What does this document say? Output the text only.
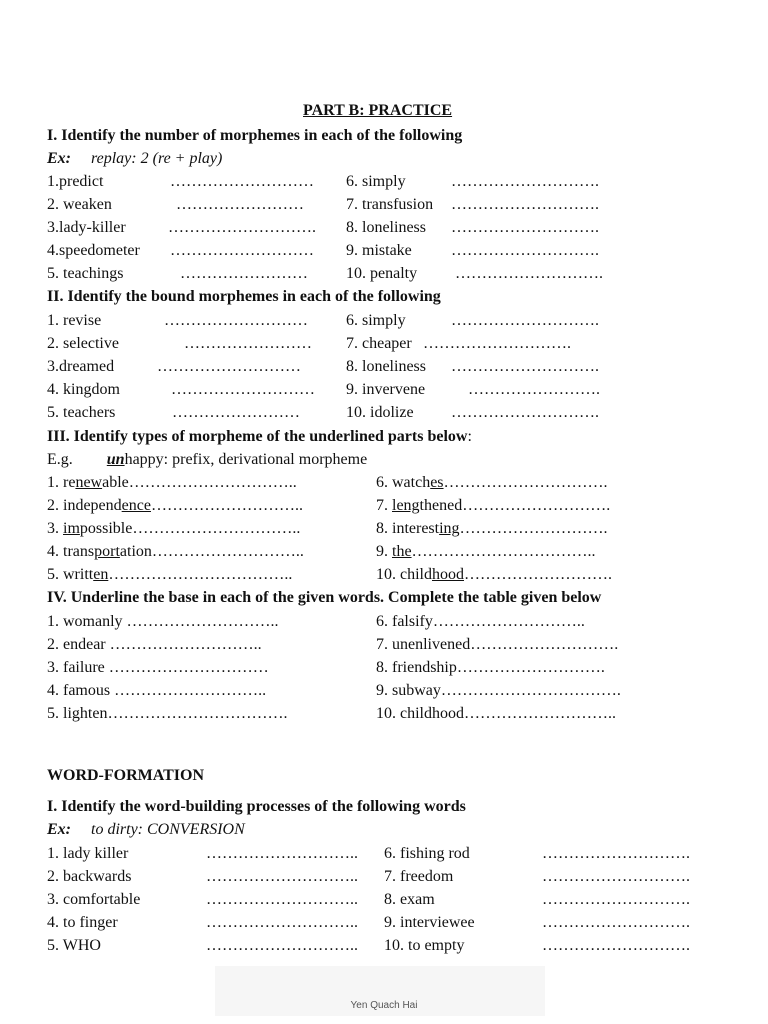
PART B: PRACTICE
I. Identify the number of morphemes in each of the following
Ex: replay: 2 (re + play)
1.predict	……………………… 6. simply	……………………….
2. weaken	……………………	7. transfusion ……………………….
3.lady-killer	………………………. 8. loneliness ……………………….
4.speedometer ……………………… 9. mistake ……………………….
5. teachings	…………………… 10. penalty ……………………….
II. Identify the bound morphemes in each of the following
1. revise	……………………… 6. simply	……………………….
2. selective	…………………… 7. cheaper ……………………….
3.dreamed	………………………	8. loneliness ……………………….
4. kingdom	……………………… 9. invervene	…………………….
5. teachers	……………………	10. idolize ……………………….
III. Identify types of morpheme of the underlined parts below:
E.g. unhappy: prefix, derivational morpheme
1. renewable…………………………..	6. watches………………………….
2. independence………………………..	7. lengthened……………………….
3. impossible…………………………..	8. interesting……………………….
4. transportation………………………..	9. the……………………………..
5. written……………………………..	10. childhood……………………….
IV. Underline the base in each of the given words. Complete the table given below
1. womanly ………………………..	6. falsify………………………..
2. endear ………………………..	7. unenlivened……………………….
3. failure …………………………	8. friendship……………………….
4. famous ………………………..	9. subway…………………………….
5. lighten…………………………….	10. childhood………………………..
WORD-FORMATION
I. Identify the word-building processes of the following words
Ex: to dirty: CONVERSION
1. lady killer	……………………….. 6. fishing rod	……………………….
2. backwards	……………………….. 7. freedom	……………………….
3. comfortable	……………………….. 8. exam	……………………….
4. to finger	……………………….. 9. interviewee	……………………….
5. WHO	……………………….. 10. to empty	……………………….
Yen Quach Hai
